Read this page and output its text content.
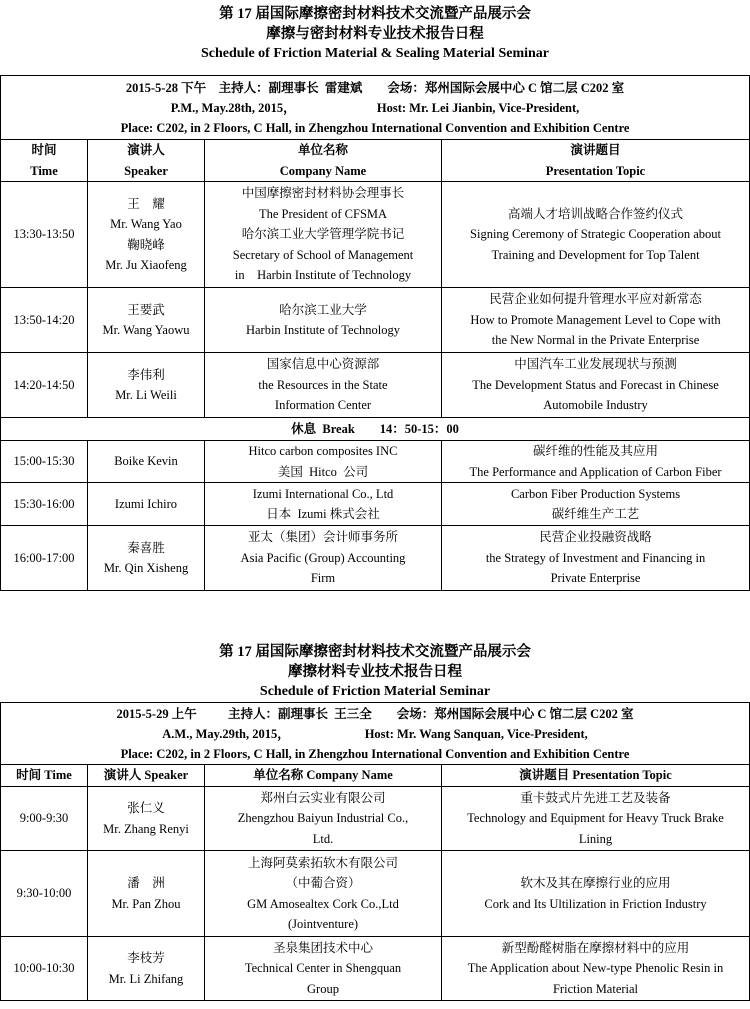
第 17 届国际摩擦密封材料技术交流暨产品展示会
摩擦与密封材料专业技术报告日程
Schedule of Friction Material & Sealing Material Seminar
2015-5-28 下午    主持人：副理事长  雷建斌        会场：郑州国际会展中心 C 馆二层 C202 室
P.M., May.28th, 2015，                          Host: Mr. Lei Jianbin, Vice-President,
Place: C202, in 2 Floors, C Hall, in Zhengzhou International Convention and Exhibition Centre			

时间
Time	演讲人
Speaker	单位名称
Company Name	演讲题目
Presentation Topic

13:30-13:50	王　耀
Mr. Wang Yao
鞠晓峰
Mr. Ju Xiaofeng	中国摩擦密封材料协会理事长
The President of CFSMA
哈尔滨工业大学管理学院书记
Secretary of School of Management
in    Harbin Institute of Technology	高端人才培训战略合作签约仪式
Signing Ceremony of Strategic Cooperation about
Training and Development for Top Talent

13:50-14:20	王要武
Mr. Wang Yaowu	哈尔滨工业大学
Harbin Institute of Technology	民营企业如何提升管理水平应对新常态
How to Promote Management Level to Cope with
the New Normal in the Private Enterprise

14:20-14:50	李伟利
Mr. Li Weili	国家信息中心资源部
the Resources in the State
Information Center	中国汽车工业发展现状与预测
The Development Status and Forecast in Chinese
Automobile Industry

休息  Break        14：50-15：00			
15:00-15:30	Boike Kevin	Hitco carbon composites INC
美国  Hitco  公司	碳纤维的性能及其应用
The Performance and Application of Carbon Fiber

15:30-16:00	Izumi Ichiro	Izumi International Co., Ltd
日本  Izumi 株式会社	Carbon Fiber Production Systems
碳纤维生产工艺

16:00-17:00	秦喜胜
Mr. Qin Xisheng	亚太（集团）会计师事务所
Asia Pacific (Group) Accounting
Firm	民营企业投融资战略
the Strategy of Investment and Financing in
Private Enterprise
第 17 届国际摩擦密封材料技术交流暨产品展示会
摩擦材料专业技术报告日程
Schedule of Friction Material Seminar
2015-5-29 上午          主持人：副理事长  王三全        会场：郑州国际会展中心 C 馆二层 C202 室
A.M., May.29th, 2015，                        Host: Mr. Wang Sanquan, Vice-President,
Place: C202, in 2 Floors, C Hall, in Zhengzhou International Convention and Exhibition Centre			

时间 Time	演讲人 Speaker	单位名称 Company Name	演讲题目 Presentation Topic
9:00-9:30	张仁义
Mr. Zhang Renyi	郑州白云实业有限公司
Zhengzhou Baiyun Industrial Co.,
Ltd.	重卡鼓式片先进工艺及装备
Technology and Equipment for Heavy Truck Brake
Lining

9:30-10:00	潘　洲
Mr. Pan Zhou	上海阿莫索拓软木有限公司
（中葡合资）
GM Amosealtex Cork Co.,Ltd
(Jointventure)	软木及其在摩擦行业的应用
Cork and Its Ultilization in Friction Industry

10:00-10:30	李枝芳
Mr. Li Zhifang	圣泉集团技术中心
Technical Center in Shengquan
Group	新型酚醛树脂在摩擦材料中的应用
The Application about New-type Phenolic Resin in
Friction Material
